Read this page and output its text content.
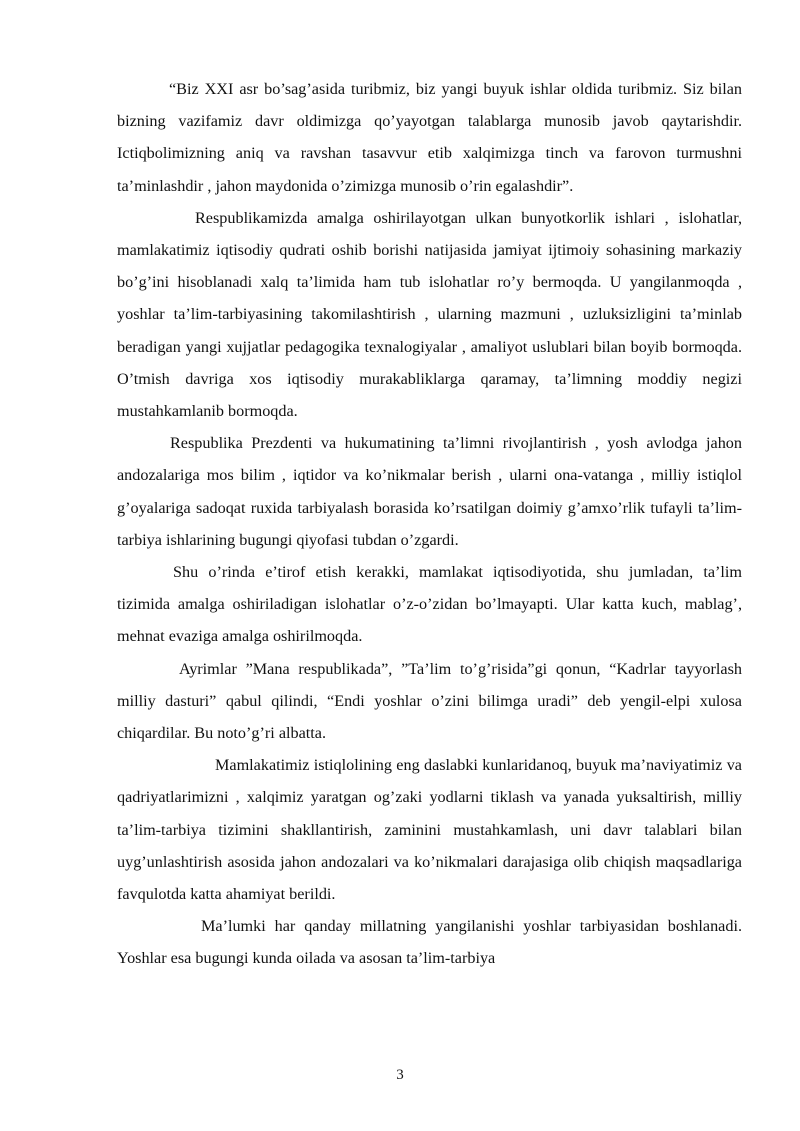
“Biz XXI asr bo’sag’asida turibmiz, biz yangi buyuk ishlar oldida turibmiz. Siz bilan bizning vazifamiz davr oldimizga qo’yayotgan talablarga munosib javob qaytarishdir. Ictiqbolimizning aniq va ravshan tasavvur etib xalqimizga tinch va farovon turmushni ta’minlashdir , jahon maydonida o’zimizga munosib o’rin egalashdir”.

Respublikamizda amalga oshirilayotgan ulkan bunyotkorlik ishlari , islohatlar, mamlakatimiz iqtisodiy qudrati oshib borishi natijasida jamiyat ijtimoiy sohasining markaziy bo’g’ini hisoblanadi xalq ta’limida ham tub islohatlar ro’y bermoqda. U yangilanmoqda , yoshlar ta’lim-tarbiyasining takomilashtirish , ularning mazmuni , uzluksizligini ta’minlab beradigan yangi xujjatlar pedagogika texnalogiyalar , amaliyot uslublari bilan boyib bormoqda. O’tmish davriga xos iqtisodiy murakabliklarga qaramay, ta’limning moddiy negizi mustahkamlanib bormoqda.

Respublika Prezdenti va hukumatining ta’limni rivojlantirish , yosh avlodga jahon andozalariga mos bilim , iqtidor va ko’nikmalar berish , ularni ona-vatanga , milliy istiqlol g’oyalariga sadoqat ruxida tarbiyalash borasida ko’rsatilgan doimiy g’amxo’rlik tufayli ta’lim-tarbiya ishlarining bugungi qiyofasi tubdan o’zgardi.

Shu o’rinda e’tirof etish kerakki, mamlakat iqtisodiyotida, shu jumladan, ta’lim tizimida amalga oshiriladigan islohatlar o’z-o’zidan bo’lmayapti. Ular katta kuch, mablag’, mehnat evaziga amalga oshirilmoqda.

Ayrimlar ”Mana respublikada”, ”Ta’lim to’g’risida”gi qonun, “Kadrlar tayyorlash milliy dasturi” qabul qilindi, “Endi yoshlar o’zini bilimga uradi” deb yengil-elpi xulosa chiqardilar. Bu noto’g’ri albatta.

Mamlakatimiz istiqlolining eng daslabki kunlaridanoq, buyuk ma’naviyatimiz va qadriyatlarimizni , xalqimiz yaratgan og’zaki yodlarni tiklash va yanada yuksaltirish, milliy ta’lim-tarbiya tizimini shakllantirish, zaminini mustahkamlash, uni davr talablari bilan uyg’unlashtirish asosida jahon andozalari va ko’nikmalari darajasiga olib chiqish maqsadlariga favqulotda katta ahamiyat berildi.

Ma’lumki har qanday millatning yangilanishi yoshlar tarbiyasidan boshlanadi. Yoshlar esa bugungi kunda oilada va asosan ta’lim-tarbiya

3
